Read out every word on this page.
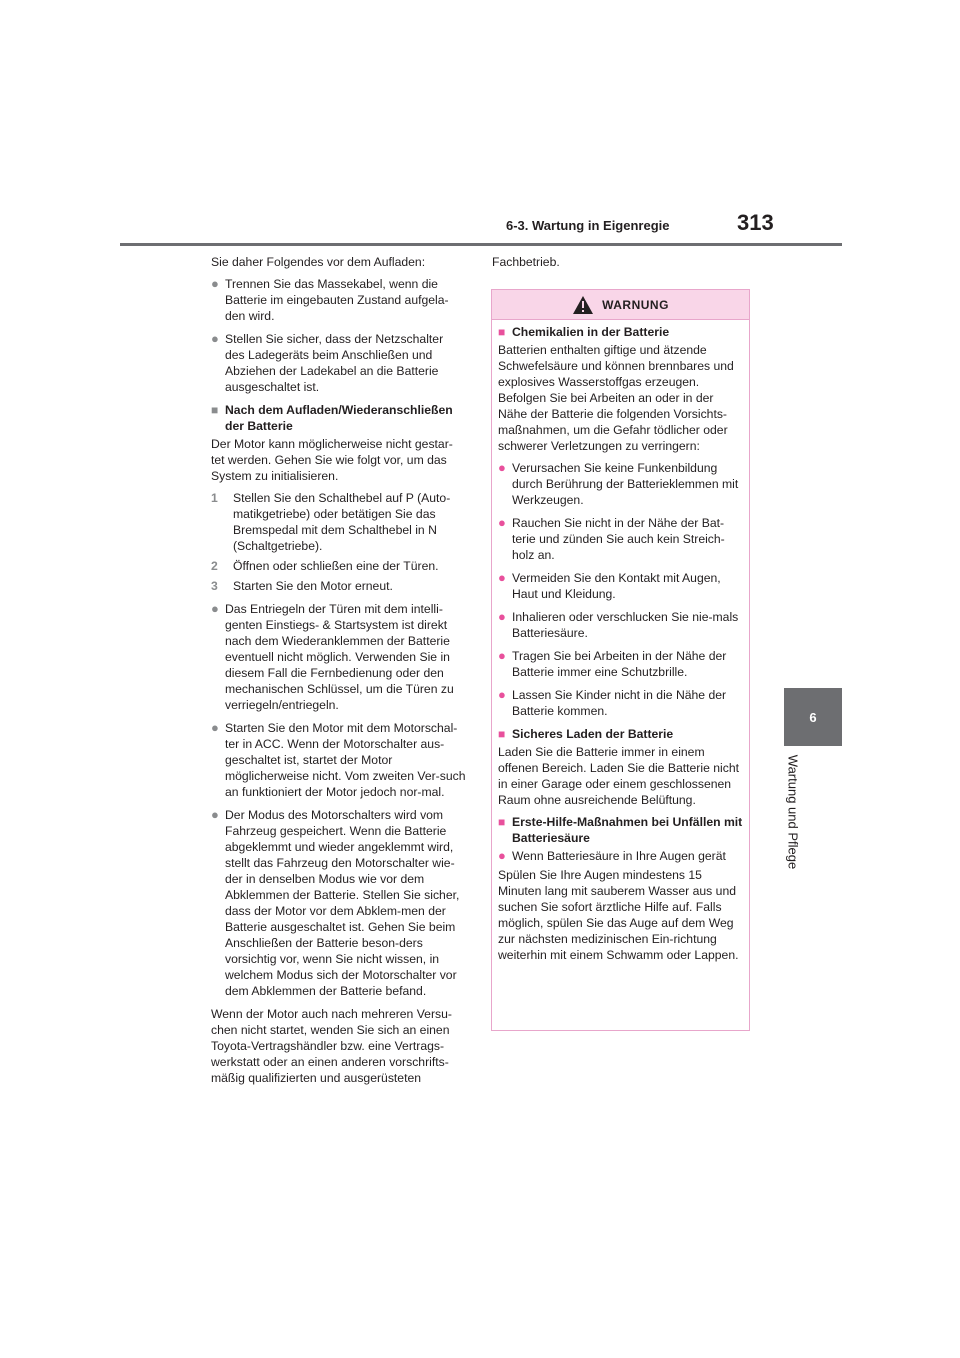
6-3. Wartung in Eigenregie	313
6
Wartung und Pflege

Sie daher Folgendes vor dem Aufladen:

● Trennen Sie das Massekabel, wenn die Batterie im eingebauten Zustand aufgela-den wird.
● Stellen Sie sicher, dass der Netzschalter des Ladegeräts beim Anschließen und Abziehen der Ladekabel an die Batterie ausgeschaltet ist.
■ Nach dem Aufladen/Wiederanschließen der Batterie

Der Motor kann möglicherweise nicht gestar-tet werden. Gehen Sie wie folgt vor, um das System zu initialisieren.

1	Stellen Sie den Schalthebel auf P (Auto-matikgetriebe) oder betätigen Sie das Bremspedal mit dem Schalthebel in N (Schaltgetriebe).
2	Öffnen oder schließen eine der Türen.
3	Starten Sie den Motor erneut.
● Das Entriegeln der Türen mit dem intelli-genten Einstiegs- & Startsystem ist direkt nach dem Wiederanklemmen der Batterie eventuell nicht möglich. Verwenden Sie in diesem Fall die Fernbedienung oder den mechanischen Schlüssel, um die Türen zu verriegeln/entriegeln.
● Starten Sie den Motor mit dem Motorschal-ter in ACC. Wenn der Motorschalter aus-geschaltet ist, startet der Motor möglicherweise nicht. Vom zweiten Ver-such an funktioniert der Motor jedoch nor-mal.
● Der Modus des Motorschalters wird vom Fahrzeug gespeichert. Wenn die Batterie abgeklemmt und wieder angeklemmt wird, stellt das Fahrzeug den Motorschalter wie-der in denselben Modus wie vor dem Abklemmen der Batterie. Stellen Sie sicher, dass der Motor vor dem Abklem-men der Batterie ausgeschaltet ist. Gehen Sie beim Anschließen der Batterie beson-ders vorsichtig vor, wenn Sie nicht wissen, in welchem Modus sich der Motorschalter vor dem Abklemmen der Batterie befand.

Wenn der Motor auch nach mehreren Versu-chen nicht startet, wenden Sie sich an einen Toyota-Vertragshändler bzw. eine Vertrags-werkstatt oder an einen anderen vorschrifts-mäßig qualifizierten und ausgerüsteten

Fachbetrieb.

WARNUNG
■ Chemikalien in der Batterie

Batterien enthalten giftige und ätzende Schwefelsäure und können brennbares und explosives Wasserstoffgas erzeugen. Befolgen Sie bei Arbeiten an oder in der Nähe der Batterie die folgenden Vorsichts-maßnahmen, um die Gefahr tödlicher oder schwerer Verletzungen zu verringern:

● Verursachen Sie keine Funkenbildung durch Berührung der Batterieklemmen mit Werkzeugen.
● Rauchen Sie nicht in der Nähe der Bat-terie und zünden Sie auch kein Streich-holz an.
● Vermeiden Sie den Kontakt mit Augen, Haut und Kleidung.
● Inhalieren oder verschlucken Sie nie-mals Batteriesäure.
● Tragen Sie bei Arbeiten in der Nähe der Batterie immer eine Schutzbrille.
● Lassen Sie Kinder nicht in die Nähe der Batterie kommen.
■ Sicheres Laden der Batterie

Laden Sie die Batterie immer in einem offenen Bereich. Laden Sie die Batterie nicht in einer Garage oder einem geschlossenen Raum ohne ausreichende Belüftung.

■ Erste-Hilfe-Maßnahmen bei Unfällen mit Batteriesäure
● Wenn Batteriesäure in Ihre Augen gerät

Spülen Sie Ihre Augen mindestens 15 Minuten lang mit sauberem Wasser aus und suchen Sie sofort ärztliche Hilfe auf. Falls möglich, spülen Sie das Auge auf dem Weg zur nächsten medizinischen Ein-richtung weiterhin mit einem Schwamm oder Lappen.
